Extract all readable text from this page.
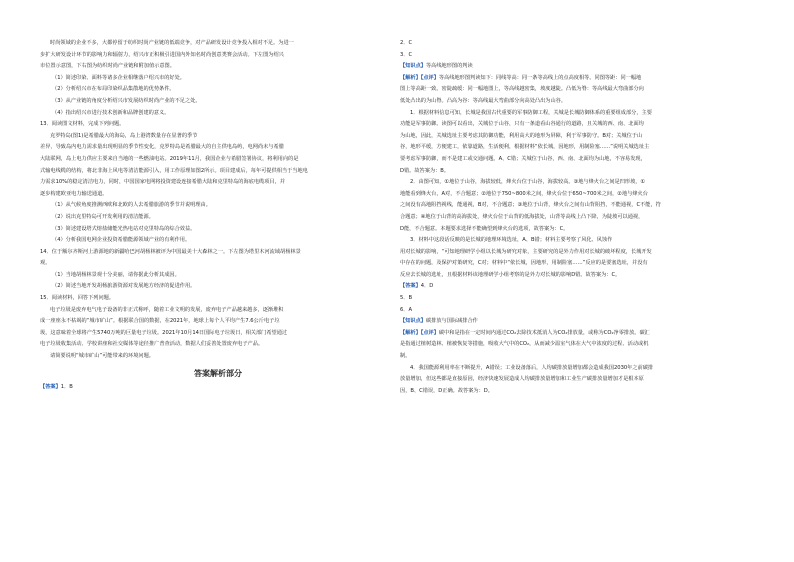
时尚领域的企业不多，大都停留于纺织时尚产业链的低端竞争，对产品研发设计竞争投入相对不足。为进一

步扩大研发设计环节的影响力和辐射力，绍兴市正积极引进国内外知名时尚创意类赛会活动。下左图为绍兴

市位置示意图，下右图为纺织时尚产业链和附加值示意图。

（1）简述印染、面料等诸多企业相继落户绍兴市的好处。

（2）分析绍兴市在布局印染织品集散地的优势条件。

（3）从产业链的角度分析绍兴市发展纺织时尚产业的不足之处。

（4）指出绍兴市进行技术创新和品牌创建的意义。

13．阅读图文材料，完成下列问题。

克罗特岛(图1)是希腊最大的海岛，岛上港湾数量存在显著的季节

差异，导致岛内电力需求量出现明显的季节性变化，克罗特岛是希腊最大的自主供电岛屿，电网尚未与希腊

大陆联网，岛上电力供应主要来自当地的一些燃油电站。2019年11月，我国企业与希腊签署协议，将利用向的是

式输电线缆的结构，将北非海上风电等清洁能源引入，用工作原理如图2所示。项目建成后，每年可提供相当于当地电

力需求10%的稳定清洁电力，同时，中国国家电网将投资建设连接希腊大陆和克里特岛的海底电缆项目，并

逐步构建欧亚电力输送通道。

（1）从气候角度推测西欧和北欧的人去希腊旅游的季节并说明理由。

（2）说出克里特岛可开发利用的清洁能源。

（3）简述建设塔式熔盐储能光热电站对克里特岛的综合效益。

（4）分析我国电网企业投资希腊能源领域产业的有利作用。

14．位于额尔齐斯河上游源地的新疆哈巴河胡杨林被评为中国最美十大森林之一。下左图为塔里木河流域胡杨林景

观。

（1）当地胡杨林景观十分美丽，请你据此分析其成因。

（2）简述当地开发胡杨旅游资源对发展地方经济的促进作用。

15．阅读材料，回答下列问题。

电子垃圾是废弃电气电子设备的非正式称呼，随着工业文明的发展，废弃电子产品越来越多，逐渐堆积

成一座座永不枯竭的“城市矿山”。根据联合国的数据，在2021年，地球上每个人平均产生7.6公斤电子垃

圾，这意味着全球将产生5740万吨的巨量电子垃圾。2021年10月14日国际电子垃圾日，相关部门希望通过

电子垃圾收集活动、学校讲座和社交媒体等途径推广普查活动，数据人们妥善处置废弃电子产品。

请简要说明“城市矿山”可能带来的环境问题。

答案解析部分

【答案】1．B

2．C

3．C

【知识点】等高线地形图的判读

【解析】【点评】等高线地形图判读知下：同线等高：同一条等高线上的点高度相等。同图等距：同一幅地

图上等高距一致。密陡疏缓：同一幅地图上，等高线越密集，坡度越陡。凸低为脊：等高线最大弯曲部分向

低处凸出的为山脊。凸高为谷：等高线最大弯曲部分向高处凸出为山谷。

1．根据材料信息可知，长城是我国古代重要的军事防御工程，关城是长城防御体系的重要组成部分，主要

功能是军事防御。读图可以看出，关城位于山谷，只有一条道看山谷通行的道路，且关城的西、南、北面均

为山地，因此，关城选址主要考虑其防御功能，利用高大的地形为屏障，利于军事防守。B对；关城位于山

谷，地形平缓，方便建工，依靠道路，生活便利，根据材料“依长城，因地形，用制险塞……”说明关城选址主

要考虑军事防御，而不是建工或交通问题。A、C错；关城位于山谷，西、南、北面均为山地，不容易发现，

D错。故答案为：B。

2．由图可知，①地位于山谷，海拔较低，烽火台位于山谷，海拔较高。③地与烽火台之间是凹形坡，①

地能看到烽火台，A对，不合题意；②地位于750~800米之间，烽火台位于650~700米之间，②地与烽火台

之间没有高地阻挡视线，能通视，B对，不合题意；③地位于山背，烽火台之间有山背阻挡，不能通视，C不能，符

合题意；④地位于山背的高海拔处，烽火台位于山背的低海拔处，山背等高线上凸下降，为陡坡可以通视，

D能，不合题意。本题要求选择不能确望到烽火台的选项，故答案为：C。

3．材料中这段话反映的是长城的地理环境选址，A、B错；材料主要考察了风化、风蚀作

用对长城的影响，“可知地理研学小组以长城为研究对象，主要研究的是外力作用对长城的破坏程度，长城开发

中存在的问题，及保护对策研究，C对；材料中“依长城，因地形，用制险塞……”反应的是要塞选址，并没有

反应去长城的选址，且根据材料该地理研学小组考察的是外力对长城的影响D错。故答案为：C。

【答案】4．D

5．B

6．A

【知识点】碳排放与国际减排合作

【解析】【点评】碳中和是指在一定时间内通过CO₂去除技术抵消人为CO₂排放量，或称为CO₂净零排放。碳汇

是指通过植树造林、植被恢复等措施，吸收大气中的CO₂，从而减少温室气体在大气中浓度的过程、活动或机

制。

4．我国能源利用率在不断提升，A错误；工业设备落后，人均碳排放量增加都会造成我国2030年之前碳排

放量增加，但这些都是直接原因，经济快速发展造成人均碳排放量增加和工业生产碳排放量增加才是根本原

因，B、C错误，D正确。故答案为：D。
